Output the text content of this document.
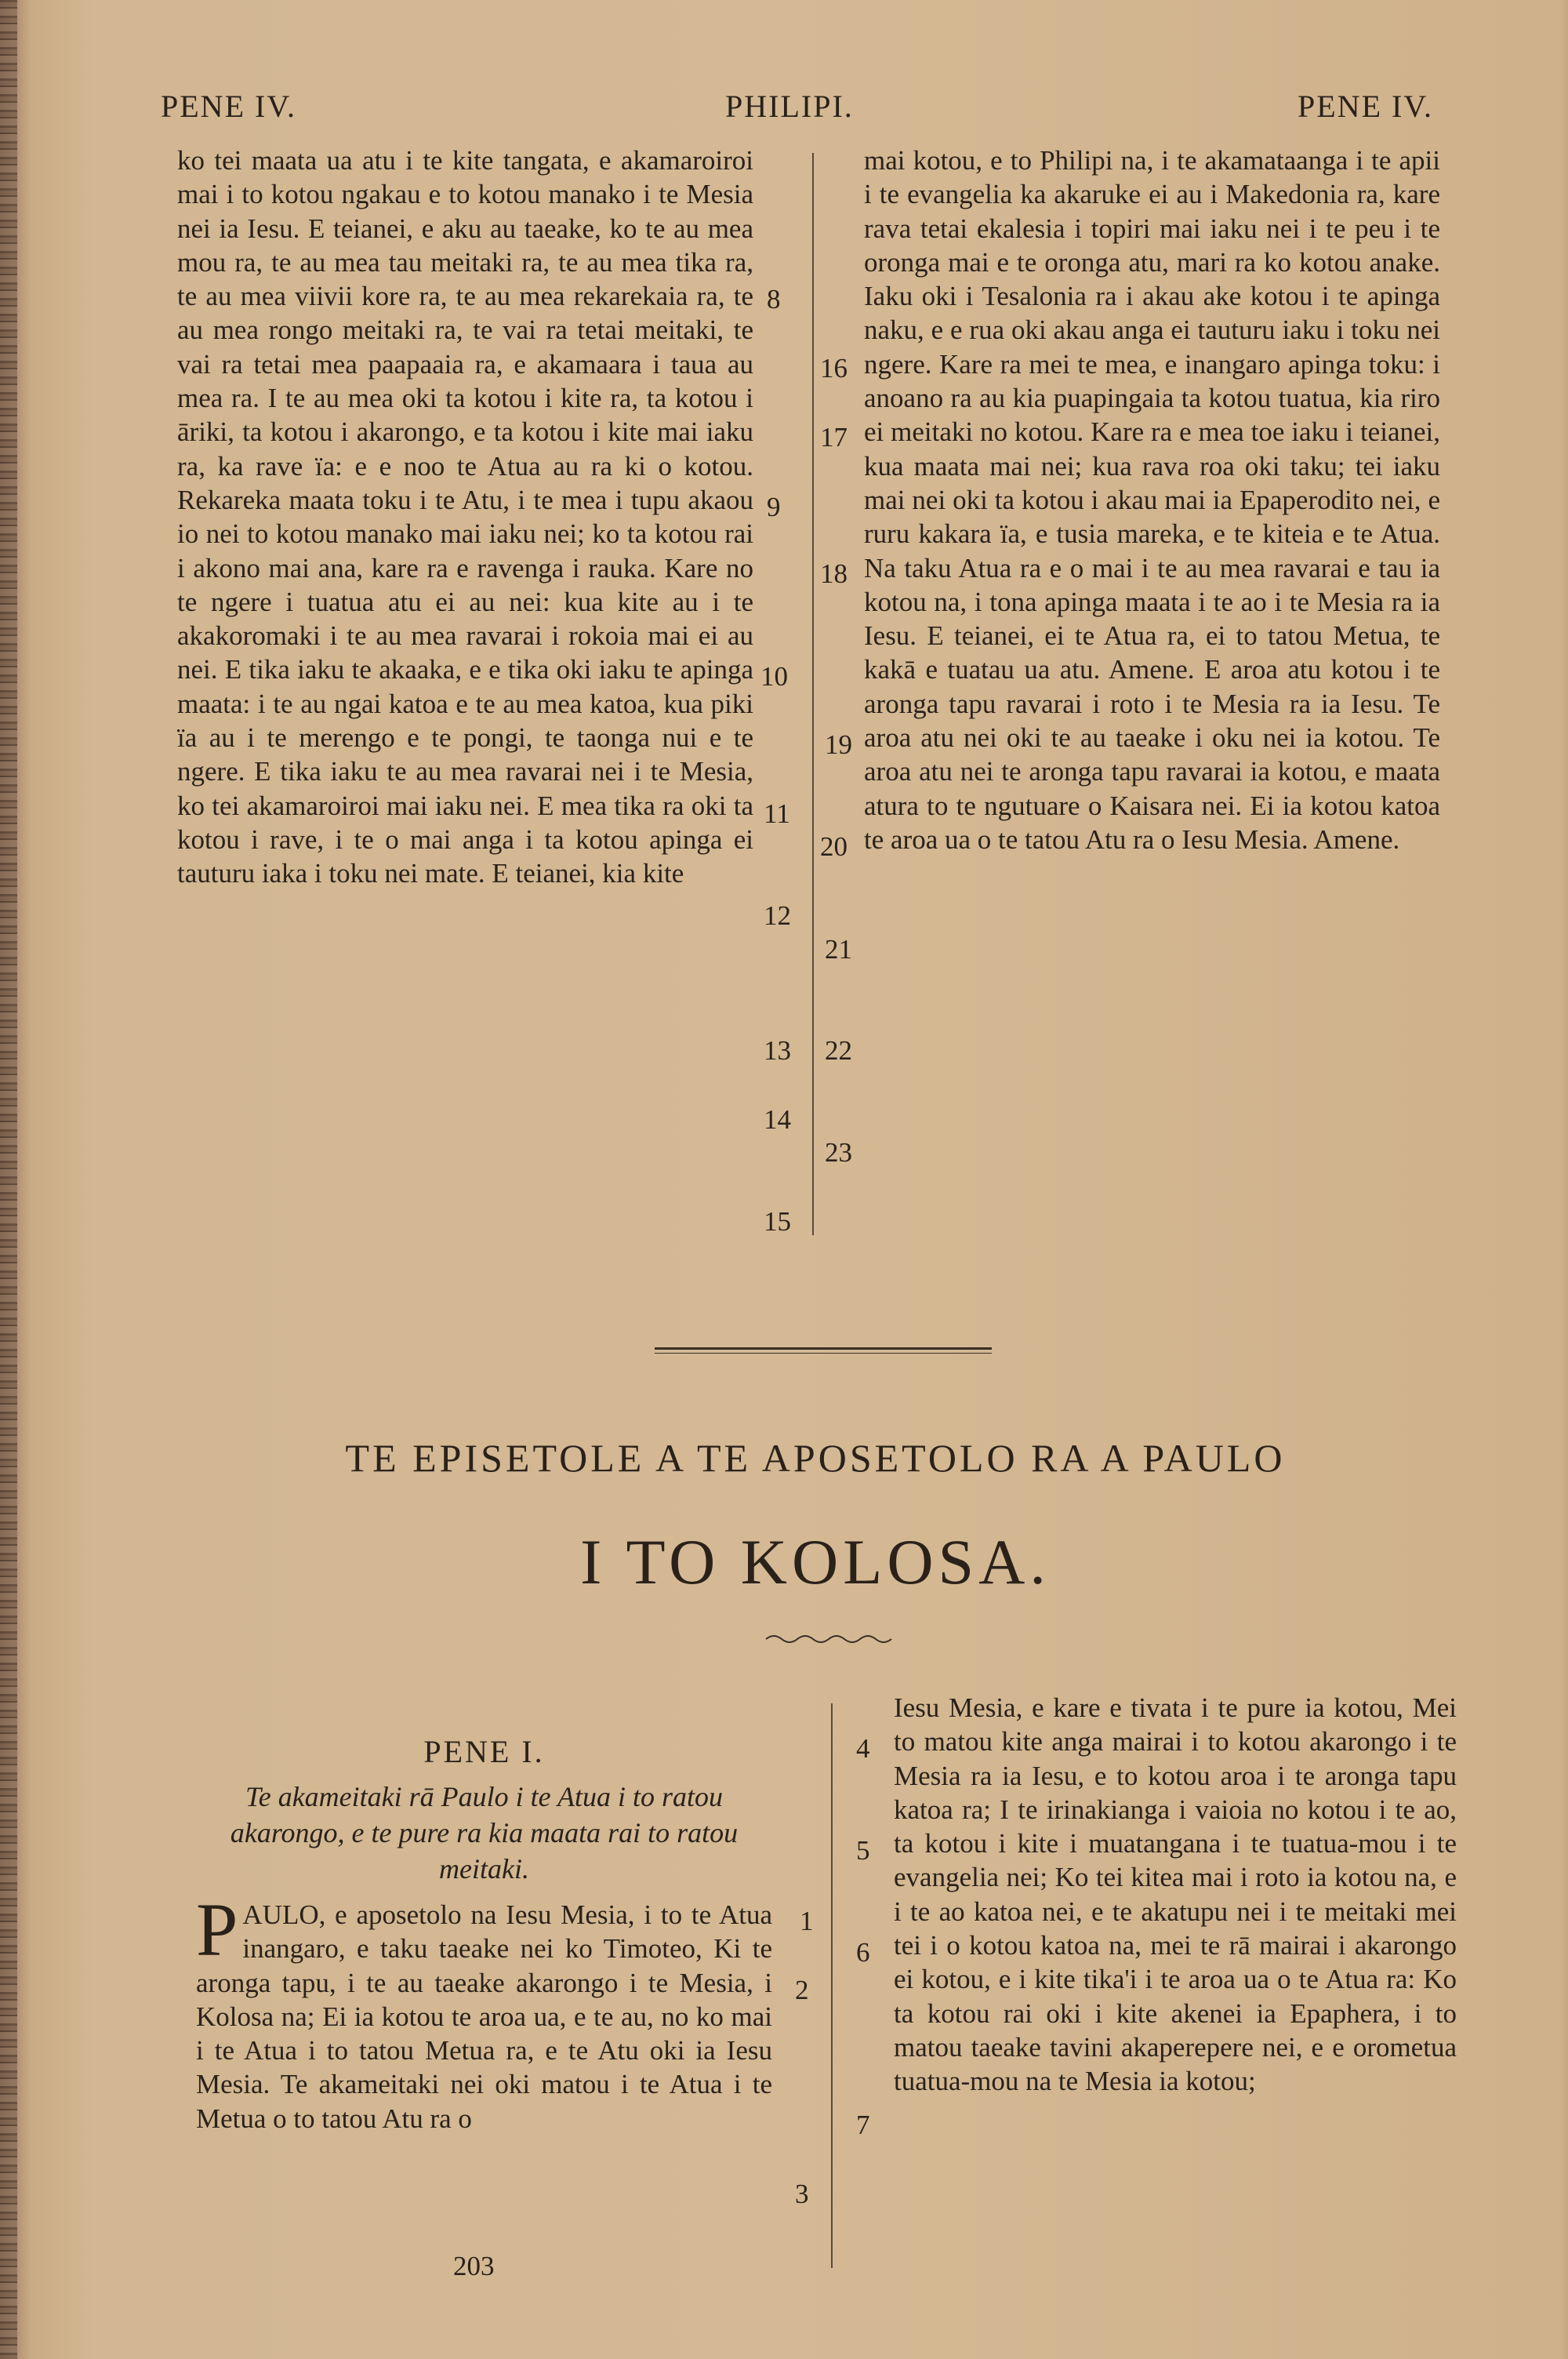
PENE IV.	PHILIPI.	PENE IV.
ko tei maata ua atu i te kite tangata, e akamaroiroi mai i to kotou ngakau e to kotou manako i te Mesia nei ia Iesu. E teianei, e aku au taeake, ko te au mea mou ra, te au mea tau meitaki ra, te au mea tika ra, te au mea viivii kore ra, te au mea rekarekaia ra, te au mea rongo meitaki ra, te vai ra tetai meitaki, te vai ra tetai mea paapaaia ra, e akamaara i taua au mea ra. I te au mea oki ta kotou i kite ra, ta kotou i āriki, ta kotou i akarongo, e ta kotou i kite mai iaku ra, ka rave ïa: e e noo te Atua au ra ki o kotou. Rekareka maata toku i te Atu, i te mea i tupu akaou io nei to kotou manako mai iaku nei; ko ta kotou rai i akono mai ana, kare ra e ravenga i rauka. Kare no te ngere i tuatua atu ei au nei: kua kite au i te akakoromaki i te au mea ravarai i rokoia mai ei au nei. E tika iaku te akaaka, e e tika oki iaku te apinga maata: i te au ngai katoa e te au mea katoa, kua piki ïa au i te merengo e te pongi, te taonga nui e te ngere. E tika iaku te au mea ravarai nei i te Mesia, ko tei akamaroiroi mai iaku nei. E mea tika ra oki ta kotou i rave, i te o mai anga i ta kotou apinga ei tauturu iaka i toku nei mate. E teianei, kia kite
mai kotou, e to Philipi na, i te akamataanga i te apii i te evangelia ka akaruke ei au i Makedonia ra, kare rava tetai ekalesia i topiri mai iaku nei i te peu i te oronga mai e te oronga atu, mari ra ko kotou anake. Iaku oki i Tesalonia ra i akau ake kotou i te apinga naku, e e rua oki akau anga ei tauturu iaku i toku nei ngere. Kare ra mei te mea, e inangaro apinga toku: i anoano ra au kia puapingaia ta kotou tuatua, kia riro ei meitaki no kotou. Kare ra e mea toe iaku i teianei, kua maata mai nei; kua rava roa oki taku; tei iaku mai nei oki ta kotou i akau mai ia Epaperodito nei, e ruru kakara ïa, e tusia mareka, e te kiteia e te Atua. Na taku Atua ra e o mai i te au mea ravarai e tau ia kotou na, i tona apinga maata i te ao i te Mesia ra ia Iesu. E teianei, ei te Atua ra, ei to tatou Metua, te kakā e tuatau ua atu. Amene. E aroa atu kotou i te aronga tapu ravarai i roto i te Mesia ra ia Iesu. Te aroa atu nei oki te au taeake i oku nei ia kotou. Te aroa atu nei te aronga tapu ravarai ia kotou, e maata atura to te ngutuare o Kaisara nei. Ei ia kotou katoa te aroa ua o te tatou Atu ra o Iesu Mesia. Amene.
8
9
10
11
12
13
14
15
16
17
18
19
20
21
22
23
TE EPISETOLE A TE APOSETOLO RA A PAULO
I TO KOLOSA.
PENE I.
Te akameitaki rā Paulo i te Atua i to ratou akarongo, e te pure ra kia maata rai to ratou meitaki.
PAULO, e aposetolo na Iesu Mesia, i to te Atua inangaro, e taku taeake nei ko Timoteo, Ki te aronga tapu, i te au taeake akarongo i te Mesia, i Kolosa na; Ei ia kotou te aroa ua, e te au, no ko mai i te Atua i to tatou Metua ra, e te Atu oki ia Iesu Mesia. Te akameitaki nei oki matou i te Atua i te Metua o to tatou Atu ra o
Iesu Mesia, e kare e tivata i te pure ia kotou, Mei to matou kite anga mairai i to kotou akarongo i te Mesia ra ia Iesu, e to kotou aroa i te aronga tapu katoa ra; I te irinakianga i vaioia no kotou i te ao, ta kotou i kite i muatangana i te tuatua-mou i te evangelia nei; Ko tei kitea mai i roto ia kotou na, e i te ao katoa nei, e te akatupu nei i te meitaki mei tei i o kotou katoa na, mei te rā mairai i akarongo ei kotou, e i kite tika'i i te aroa ua o te Atua ra: Ko ta kotou rai oki i kite akenei ia Epaphera, i to matou taeake tavini akaperepere nei, e e orometua tuatua-mou na te Mesia ia kotou;
1
2
3
4
5
6
7
203
